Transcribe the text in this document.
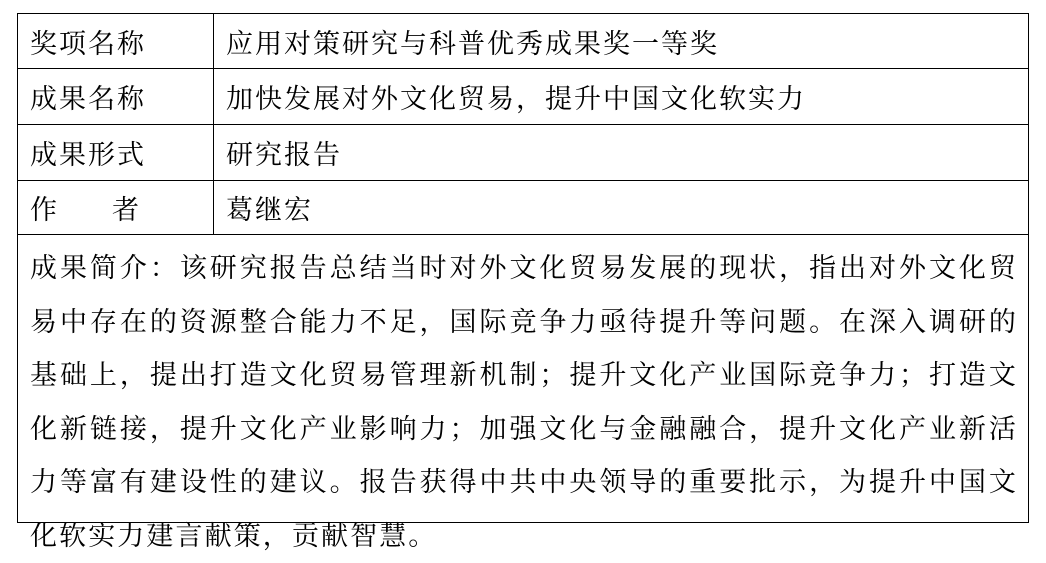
奖项名称	应用对策研究与科普优秀成果奖一等奖
成果名称	加快发展对外文化贸易，提升中国文化软实力
成果形式	研究报告
作者	葛继宏
成果简介：该研究报告总结当时对外文化贸易发展的现状，指出对外文化贸易中存在的资源整合能力不足，国际竞争力亟待提升等问题。在深入调研的基础上，提出打造文化贸易管理新机制；提升文化产业国际竞争力；打造文化新链接，提升文化产业影响力；加强文化与金融融合，提升文化产业新活力等富有建设性的建议。报告获得中共中央领导的重要批示，为提升中国文化软实力建言献策，贡献智慧。
